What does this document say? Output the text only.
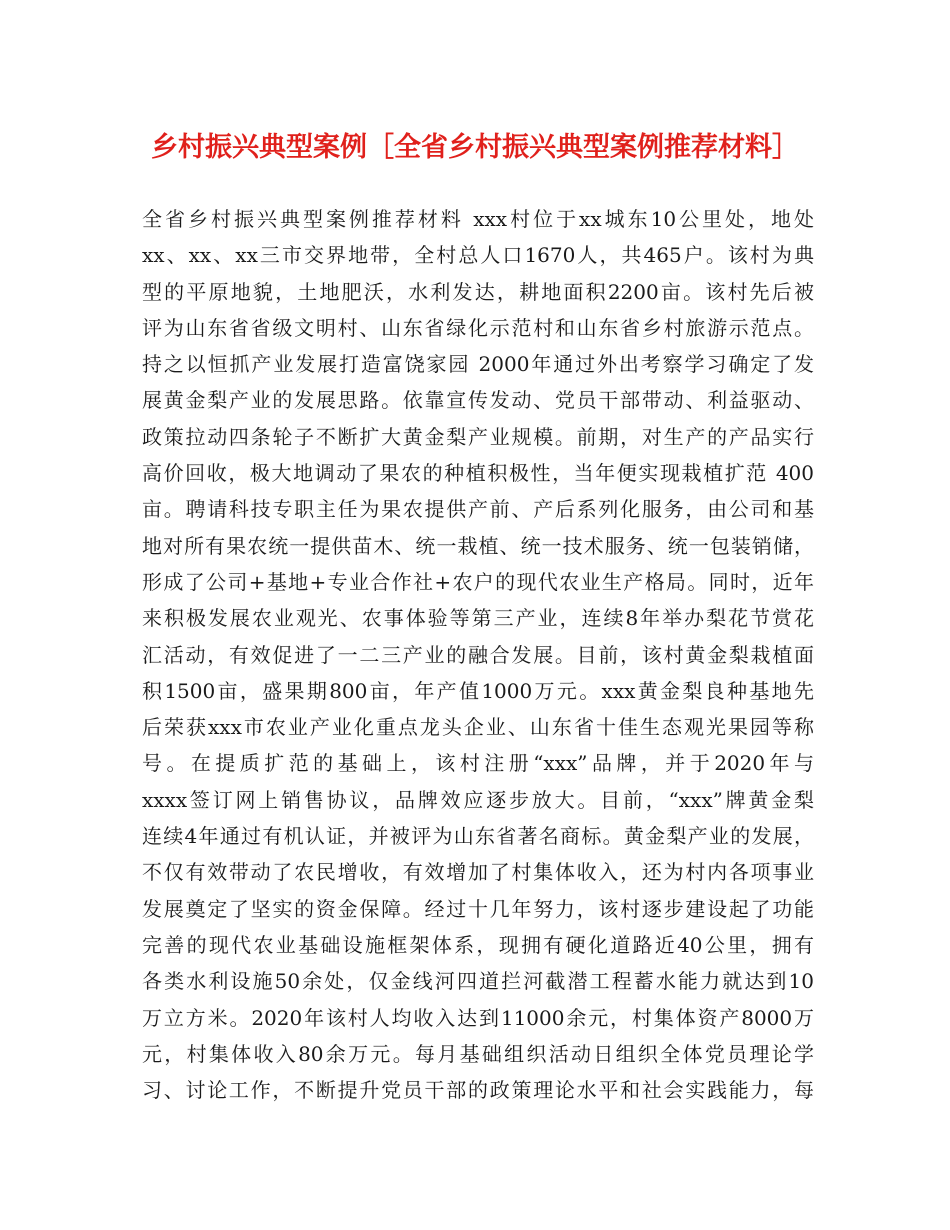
乡村振兴典型案例［全省乡村振兴典型案例推荐材料］
全省乡村振兴典型案例推荐材料 xxx村位于xx城东10公里处，地处
xx、xx、xx三市交界地带，全村总人口1670人，共465户。该村为典
型的平原地貌，土地肥沃，水利发达，耕地面积2200亩。该村先后被
评为山东省省级文明村、山东省绿化示范村和山东省乡村旅游示范点。
持之以恒抓产业发展打造富饶家园 2000年通过外出考察学习确定了发
展黄金梨产业的发展思路。依靠宣传发动、党员干部带动、利益驱动、
政策拉动四条轮子不断扩大黄金梨产业规模。前期，对生产的产品实行
高价回收，极大地调动了果农的种植积极性，当年便实现栽植扩范 400
亩。聘请科技专职主任为果农提供产前、产后系列化服务，由公司和基
地对所有果农统一提供苗木、统一栽植、统一技术服务、统一包装销储，
形成了公司+基地+专业合作社+农户的现代农业生产格局。同时，近年
来积极发展农业观光、农事体验等第三产业，连续8年举办梨花节赏花
汇活动，有效促进了一二三产业的融合发展。目前，该村黄金梨栽植面
积1500亩，盛果期800亩，年产值1000万元。xxx黄金梨良种基地先
后荣获xxx市农业产业化重点龙头企业、山东省十佳生态观光果园等称
号。在提质扩范的基础上，该村注册“xxx”品牌，并于2020年与
xxxx签订网上销售协议，品牌效应逐步放大。目前，“xxx”牌黄金梨
连续4年通过有机认证，并被评为山东省著名商标。黄金梨产业的发展，
不仅有效带动了农民增收，有效增加了村集体收入，还为村内各项事业
发展奠定了坚实的资金保障。经过十几年努力，该村逐步建设起了功能
完善的现代农业基础设施框架体系，现拥有硬化道路近40公里，拥有
各类水利设施50余处，仅金线河四道拦河截潜工程蓄水能力就达到10
万立方米。2020年该村人均收入达到11000余元，村集体资产8000万
元，村集体收入80余万元。每月基础组织活动日组织全体党员理论学
习、讨论工作，不断提升党员干部的政策理论水平和社会实践能力，每
